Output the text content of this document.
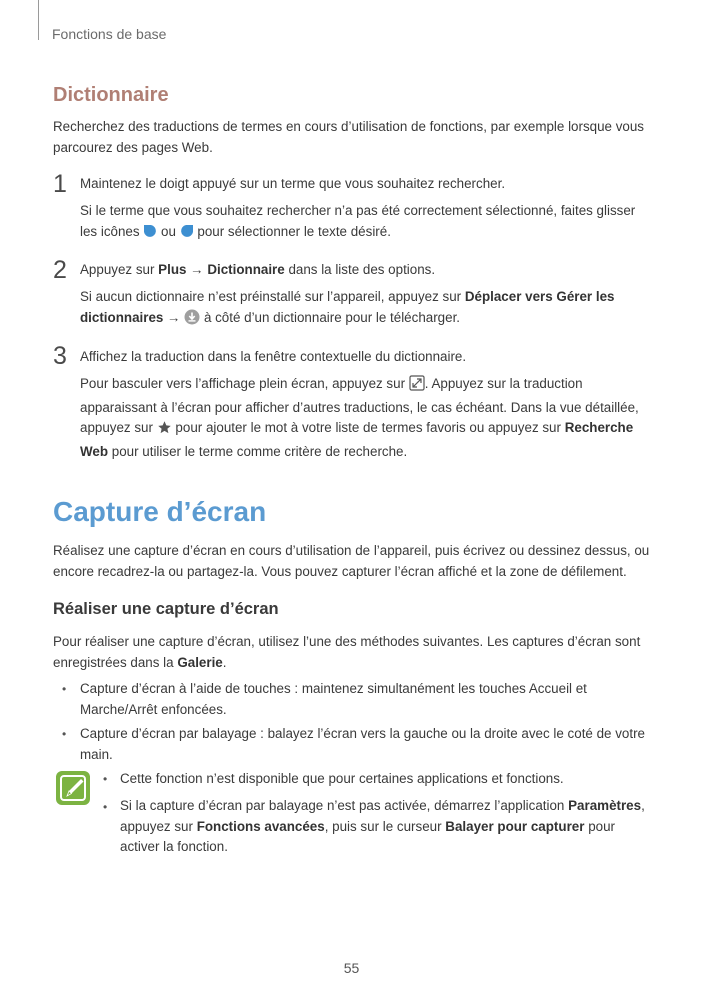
Fonctions de base
Dictionnaire
Recherchez des traductions de termes en cours d’utilisation de fonctions, par exemple lorsque vous parcourez des pages Web.
1 Maintenez le doigt appuyé sur un terme que vous souhaitez rechercher.
Si le terme que vous souhaitez rechercher n’a pas été correctement sélectionné, faites glisser les icônes ou pour sélectionner le texte désiré.
2 Appuyez sur Plus → Dictionnaire dans la liste des options.
Si aucun dictionnaire n’est préinstallé sur l’appareil, appuyez sur Déplacer vers Gérer les dictionnaires → à côté d’un dictionnaire pour le télécharger.
3 Affichez la traduction dans la fenêtre contextuelle du dictionnaire.
Pour basculer vers l’affichage plein écran, appuyez sur . Appuyez sur la traduction apparaissant à l’écran pour afficher d’autres traductions, le cas échéant. Dans la vue détaillée, appuyez sur pour ajouter le mot à votre liste de termes favoris ou appuyez sur Recherche Web pour utiliser le terme comme critère de recherche.
Capture d’écran
Réalisez une capture d’écran en cours d’utilisation de l’appareil, puis écrivez ou dessinez dessus, ou encore recadrez-la ou partagez-la. Vous pouvez capturer l’écran affiché et la zone de défilement.
Réaliser une capture d’écran
Pour réaliser une capture d’écran, utilisez l’une des méthodes suivantes. Les captures d’écran sont enregistrées dans la Galerie.
• Capture d’écran à l’aide de touches : maintenez simultanément les touches Accueil et Marche/Arrêt enfoncées.
• Capture d’écran par balayage : balayez l’écran vers la gauche ou la droite avec le coté de votre main.
• Cette fonction n’est disponible que pour certaines applications et fonctions.
• Si la capture d’écran par balayage n’est pas activée, démarrez l’application Paramètres, appuyez sur Fonctions avancées, puis sur le curseur Balayer pour capturer pour activer la fonction.
55
